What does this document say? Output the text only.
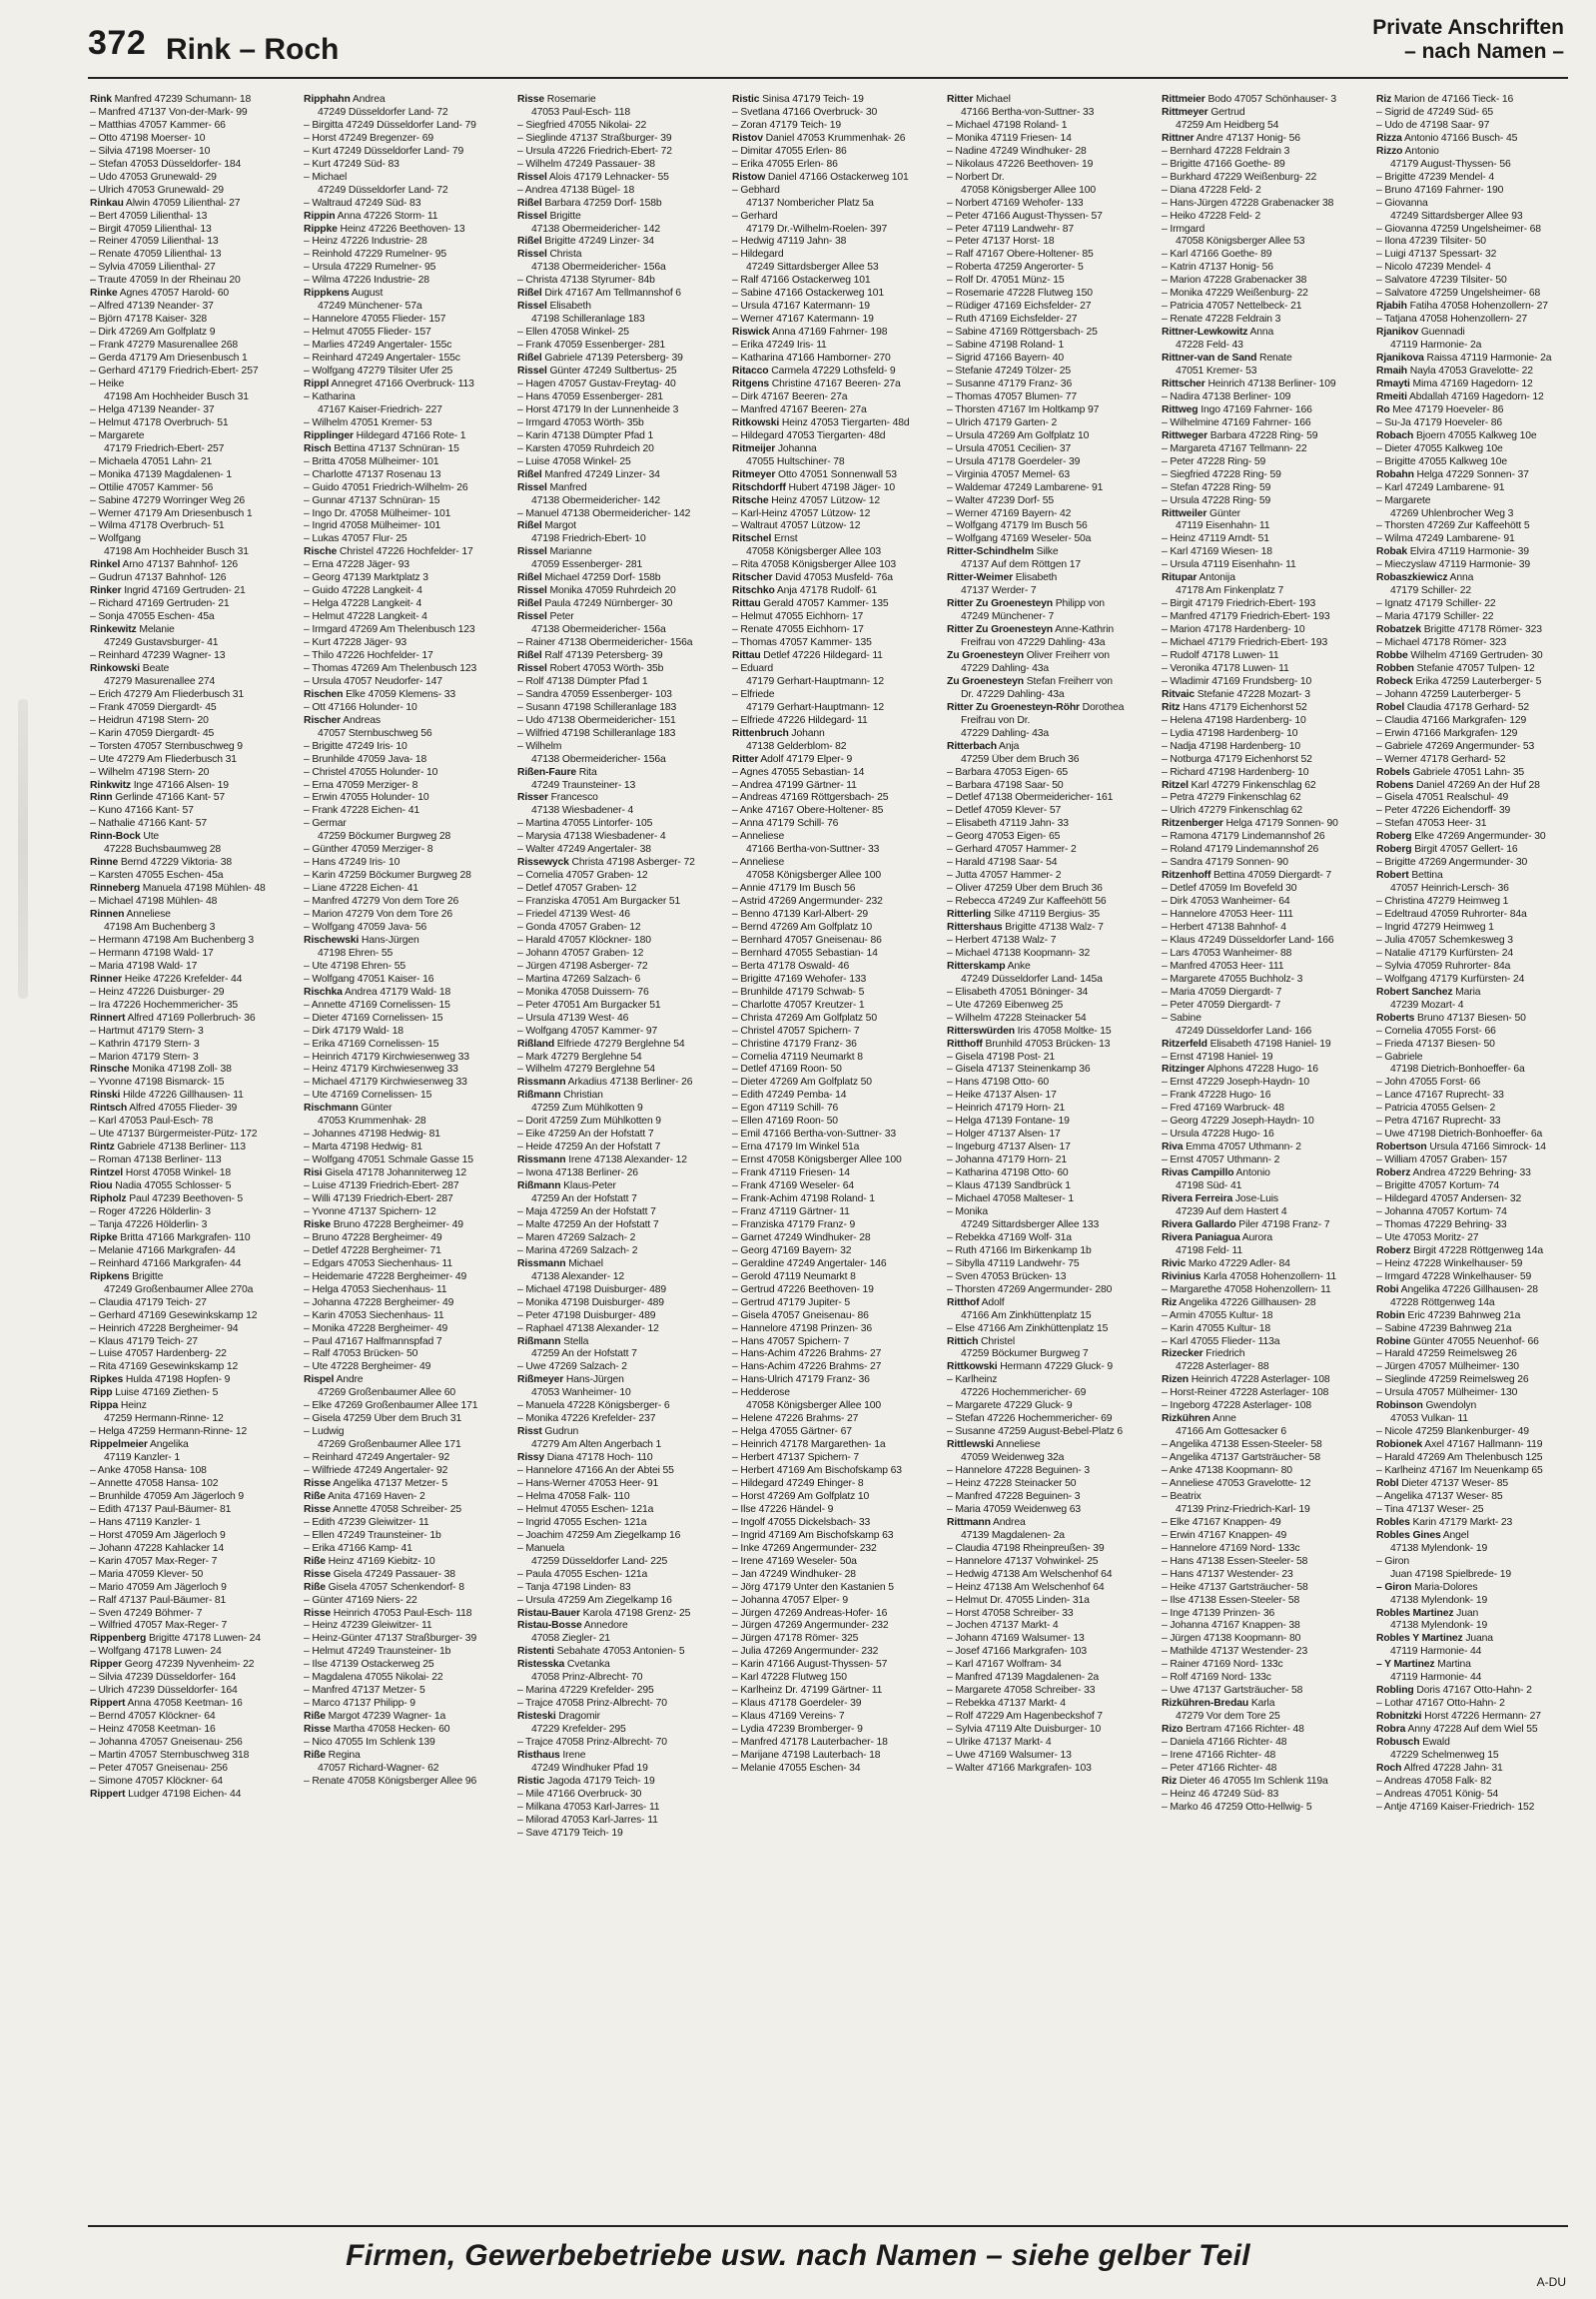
372 Rink – Roch
Private Anschriften
– nach Namen –
Rink Manfred 47239 Schumann- 18
– Manfred 47137 Von-der-Mark- 99
– Matthias 47057 Kammer- 66
– Otto 47198 Moerser- 10
– Silvia 47198 Moerser- 10
– Stefan 47053 Düsseldorfer- 184
– Udo 47053 Grunewald- 29
– Ulrich 47053 Grunewald- 29
Rinkau Alwin 47059 Lilienthal- 27
– Bert 47059 Lilienthal- 13
– Birgit 47059 Lilienthal- 13
– Reiner 47059 Lilienthal- 13
– Renate 47059 Lilienthal- 13
– Sylvia 47059 Lilienthal- 27
– Traute 47059 In der Rheinau 20
Rinke Agnes 47057 Harold- 60
– Alfred 47139 Neander- 37
– Björn 47178 Kaiser- 328
– Dirk 47269 Am Golfplatz 9
– Frank 47279 Masurenallee 268
– Gerda 47179 Am Driesenbusch 1
– Gerhard 47179 Friedrich-Ebert- 257
– Heike
47198 Am Hochheider Busch 31
– Helga 47139 Neander- 37
– Helmut 47178 Overbruch- 51
– Margarete
47179 Friedrich-Ebert- 257
– Michaela 47051 Lahn- 21
– Monika 47139 Magdalenen- 1
– Ottilie 47057 Kammer- 56
– Sabine 47279 Worringer Weg 26
– Werner 47179 Am Driesenbusch 1
– Wilma 47178 Overbruch- 51
– Wolfgang
47198 Am Hochheider Busch 31
Rinkel Arno 47137 Bahnhof- 126
– Gudrun 47137 Bahnhof- 126
Rinker Ingrid 47169 Gertruden- 21
– Richard 47169 Gertruden- 21
– Sonja 47055 Eschen- 45a
Rinkewitz Melanie
47249 Gustavsburger- 41
– Reinhard 47239 Wagner- 13
Rinkowski Beate
47279 Masurenallee 274
– Erich 47279 Am Fliederbusch 31
– Frank 47059 Diergardt- 45
– Heidrun 47198 Stern- 20
– Karin 47059 Diergardt- 45
– Torsten 47057 Sternbuschweg 9
– Ute 47279 Am Fliederbusch 31
– Wilhelm 47198 Stern- 20
Rinkwitz Inge 47166 Alsen- 19
Rinn Gerlinde 47166 Kant- 57
– Kuno 47166 Kant- 57
– Nathalie 47166 Kant- 57
Rinn-Bock Ute
47228 Buchsbaumweg 28
Rinne Bernd 47229 Viktoria- 38
– Karsten 47055 Eschen- 45a
Rinneberg Manuela 47198 Mühlen- 48
– Michael 47198 Mühlen- 48
Rinnen Anneliese
47198 Am Buchenberg 3
– Hermann 47198 Am Buchenberg 3
– Hermann 47198 Wald- 17
– Maria 47198 Wald- 17
Rinner Heike 47226 Krefelder- 44
– Heinz 47226 Duisburger- 29
– Ira 47226 Hochemmericher- 35
Rinnert Alfred 47169 Pollerbruch- 36
– Hartmut 47179 Stern- 3
– Kathrin 47179 Stern- 3
– Marion 47179 Stern- 3
Rinsche Monika 47198 Zoll- 38
– Yvonne 47198 Bismarck- 15
Rinski Hilde 47226 Gillhausen- 11
Rintsch Alfred 47055 Flieder- 39
– Karl 47053 Paul-Esch- 78
– Ute 47137 Bürgermeister-Pütz- 172
Rintz Gabriele 47138 Berliner- 113
– Roman 47138 Berliner- 113
Rintzel Horst 47058 Winkel- 18
Riou Nadia 47055 Schlosser- 5
Ripholz Paul 47239 Beethoven- 5
– Roger 47226 Hölderlin- 3
– Tanja 47226 Hölderlin- 3
Ripke Britta 47166 Markgrafen- 110
– Melanie 47166 Markgrafen- 44
– Reinhard 47166 Markgrafen- 44
Ripkens Brigitte
47249 Großenbaumer Allee 270a
– Claudia 47179 Teich- 27
– Gerhard 47169 Gesewinkskamp 12
– Heinrich 47228 Bergheimer- 94
– Klaus 47179 Teich- 27
– Luise 47057 Hardenberg- 22
– Rita 47169 Gesewinkskamp 12
Ripkes Hulda 47198 Hopfen- 9
Ripp Luise 47169 Ziethen- 5
Rippa Heinz
47259 Hermann-Rinne- 12
– Helga 47259 Hermann-Rinne- 12
Rippelmeier Angelika
47119 Kanzler- 1
– Anke 47058 Hansa- 108
– Annette 47058 Hansa- 102
– Brunhilde 47059 Am Jägerloch 9
– Edith 47137 Paul-Bäumer- 81
– Hans 47119 Kanzler- 1
– Horst 47059 Am Jägerloch 9
– Johann 47228 Kahlacker 14
– Karin 47057 Max-Reger- 7
– Maria 47059 Klever- 50
– Mario 47059 Am Jägerloch 9
– Ralf 47137 Paul-Bäumer- 81
– Sven 47249 Böhmer- 7
– Wilfried 47057 Max-Reger- 7
Rippenberg Brigitte 47178 Luwen- 24
– Wolfgang 47178 Luwen- 24
Ripper Georg 47239 Nyvenheim- 22
– Silvia 47239 Düsseldorfer- 164
– Ulrich 47239 Düsseldorfer- 164
Rippert Anna 47058 Keetman- 16
– Bernd 47057 Klöckner- 64
– Heinz 47058 Keetman- 16
– Johanna 47057 Gneisenau- 256
– Martin 47057 Sternbuschweg 318
– Peter 47057 Gneisenau- 256
– Simone 47057 Klöckner- 64
Rippert Ludger 47198 Eichen- 44
Ripphahn Andrea
47249 Düsseldorfer Land- 72
– Birgitta 47249 Düsseldorfer Land- 79
– Horst 47249 Bregenzer- 69
– Kurt 47249 Düsseldorfer Land- 79
– Kurt 47249 Süd- 83
– Michael
47249 Düsseldorfer Land- 72
– Waltraud 47249 Süd- 83
Rippin Anna 47226 Storm- 11
Rippke Heinz 47226 Beethoven- 13
– Heinz 47226 Industrie- 28
– Reinhold 47229 Rumelner- 95
– Ursula 47229 Rumelner- 95
– Wilma 47226 Industrie- 28
Rippkens August
47249 Münchener- 57a
– Hannelore 47055 Flieder- 157
– Helmut 47055 Flieder- 157
– Marlies 47249 Angertaler- 155c
– Reinhard 47249 Angertaler- 155c
– Wolfgang 47279 Tilsiter Ufer 25
Rippl Annegret 47166 Overbruck- 113
– Katharina
47167 Kaiser-Friedrich- 227
– Wilhelm 47051 Kremer- 53
Ripplinger Hildegard 47166 Rote- 1
Risch Bettina 47137 Schnüran- 15
– Britta 47058 Mülheimer- 101
– Charlotte 47137 Rosenau 13
– Guido 47051 Friedrich-Wilhelm- 26
– Gunnar 47137 Schnüran- 15
– Ingo Dr. 47058 Mülheimer- 101
– Ingrid 47058 Mülheimer- 101
– Lukas 47057 Flur- 25
Rische Christel 47226 Hochfelder- 17
– Erna 47228 Jäger- 93
– Georg 47139 Marktplatz 3
– Guido 47228 Langkeit- 4
– Helga 47228 Langkeit- 4
– Helmut 47228 Langkeit- 4
– Irmgard 47269 Am Thelenbusch 123
– Kurt 47228 Jäger- 93
– Thilo 47226 Hochfelder- 17
– Thomas 47269 Am Thelenbusch 123
– Ursula 47057 Neudorfer- 147
Rischen Elke 47059 Klemens- 33
– Ott 47166 Holunder- 10
Rischer Andreas
47057 Sternbuschweg 56
– Brigitte 47249 Iris- 10
– Brunhilde 47059 Java- 18
– Christel 47055 Holunder- 10
– Erna 47059 Merziger- 8
– Erwin 47055 Holunder- 10
– Frank 47228 Eichen- 41
– Germar
47259 Böckumer Burgweg 28
– Günther 47059 Merziger- 8
– Hans 47249 Iris- 10
– Karin 47259 Böckumer Burgweg 28
– Liane 47228 Eichen- 41
– Manfred 47279 Von dem Tore 26
– Marion 47279 Von dem Tore 26
– Wolfgang 47059 Java- 56
Rischewski Hans-Jürgen
47198 Ehren- 55
– Ute 47198 Ehren- 55
– Wolfgang 47051 Kaiser- 16
Rischka Andrea 47179 Wald- 18
– Annette 47169 Cornelissen- 15
– Dieter 47169 Cornelissen- 15
– Dirk 47179 Wald- 18
– Erika 47169 Cornelissen- 15
– Heinrich 47179 Kirchwiesenweg 33
– Heinz 47179 Kirchwiesenweg 33
– Michael 47179 Kirchwiesenweg 33
– Ute 47169 Cornelissen- 15
Rischmann Günter
47053 Krummenhak- 28
– Johannes 47198 Hedwig- 81
– Marta 47198 Hedwig- 81
– Wolfgang 47051 Schmale Gasse 15
Risi Gisela 47178 Johanniterweg 12
– Luise 47139 Friedrich-Ebert- 287
– Willi 47139 Friedrich-Ebert- 287
– Yvonne 47137 Spichern- 12
Riske Bruno 47228 Bergheimer- 49
– Bruno 47228 Bergheimer- 49
– Detlef 47228 Bergheimer- 71
– Edgars 47053 Siechenhaus- 11
– Heidemarie 47228 Bergheimer- 49
– Helga 47053 Siechenhaus- 11
– Johanna 47228 Bergheimer- 49
– Karin 47053 Siechenhaus- 11
– Monika 47228 Bergheimer- 49
– Paul 47167 Halfmannspfad 7
– Ralf 47053 Brücken- 50
– Ute 47228 Bergheimer- 49
Rispel Andre
47269 Großenbaumer Allee 60
– Elke 47269 Großenbaumer Allee 171
– Gisela 47259 Über dem Bruch 31
– Ludwig
47269 Großenbaumer Allee 171
– Reinhard 47249 Angertaler- 92
– Wilfriede 47249 Angertaler- 92
Risse Angelika 47137 Metzer- 5
Riße Anita 47169 Haven- 2
Risse Annette 47058 Schreiber- 25
– Edith 47239 Gleiwitzer- 11
– Ellen 47249 Traunsteiner- 1b
– Erika 47166 Kamp- 41
Riße Heinz 47169 Kiebitz- 10
Risse Gisela 47249 Passauer- 38
Riße Gisela 47057 Schenkendorf- 8
– Günter 47169 Niers- 22
Risse Heinrich 47053 Paul-Esch- 118
– Heinz 47239 Gleiwitzer- 11
– Heinz-Günter 47137 Straßburger- 39
– Helmut 47249 Traunsteiner- 1b
– Ilse 47139 Ostackerweg 25
– Magdalena 47055 Nikolai- 22
– Manfred 47137 Metzer- 5
– Marco 47137 Philipp- 9
Riße Margot 47239 Wagner- 1a
Risse Martha 47058 Hecken- 60
– Nico 47055 Im Schlenk 139
Riße Regina
47057 Richard-Wagner- 62
– Renate 47058 Königsberger Allee 96
Risse Rosemarie
47053 Paul-Esch- 118
– Siegfried 47055 Nikolai- 22
– Sieglinde 47137 Straßburger- 39
– Ursula 47226 Friedrich-Ebert- 72
– Wilhelm 47249 Passauer- 38
Rissel Alois 47179 Lehnacker- 55
– Andrea 47138 Bügel- 18
Rißel Barbara 47259 Dorf- 158b
Rissel Brigitte
47138 Obermeidericher- 142
Rißel Brigitte 47249 Linzer- 34
Rissel Christa
47138 Obermeidericher- 156a
– Christa 47138 Styrumer- 84b
Rißel Dirk 47167 Am Tellmannshof 6
Rissel Elisabeth
47198 Schilleranlage 183
– Ellen 47058 Winkel- 25
– Frank 47059 Essenberger- 281
Rißel Gabriele 47139 Petersberg- 39
Rissel Günter 47249 Sultbertus- 25
– Hagen 47057 Gustav-Freytag- 40
– Hans 47059 Essenberger- 281
– Horst 47179 In der Lunnenheide 3
– Irmgard 47053 Wörth- 35b
– Karin 47138 Dümpter Pfad 1
– Karsten 47059 Ruhrdeich 20
– Luise 47058 Winkel- 25
Rißel Manfred 47249 Linzer- 34
Rissel Manfred
47138 Obermeidericher- 142
– Manuel 47138 Obermeidericher- 142
Rißel Margot
47198 Friedrich-Ebert- 10
Rissel Marianne
47059 Essenberger- 281
Rißel Michael 47259 Dorf- 158b
Rissel Monika 47059 Ruhrdeich 20
Rißel Paula 47249 Nürnberger- 30
Rissel Peter
47138 Obermeidericher- 156a
– Rainer 47138 Obermeidericher- 156a
Rißel Ralf 47139 Petersberg- 39
Rissel Robert 47053 Wörth- 35b
– Rolf 47138 Dümpter Pfad 1
– Sandra 47059 Essenberger- 103
– Susann 47198 Schilleranlage 183
– Udo 47138 Obermeidericher- 151
– Wilfried 47198 Schilleranlage 183
– Wilhelm
47138 Obermeidericher- 156a
Rißen-Faure Rita
47249 Traunsteiner- 13
Risser Francesco
47138 Wiesbadener- 4
– Martina 47055 Lintorfer- 105
– Marysia 47138 Wiesbadener- 4
– Walter 47249 Angertaler- 38
Rissewyck Christa 47198 Asberger- 72
– Cornelia 47057 Graben- 12
– Detlef 47057 Graben- 12
– Franziska 47051 Am Burgacker 51
– Friedel 47139 West- 46
– Gonda 47057 Graben- 12
– Harald 47057 Klöckner- 180
– Johann 47057 Graben- 12
– Jürgen 47198 Asberger- 72
– Martina 47269 Salzach- 6
– Monika 47058 Duissern- 76
– Peter 47051 Am Burgacker 51
– Ursula 47139 West- 46
– Wolfgang 47057 Kammer- 97
Rißland Elfriede 47279 Berglehne 54
– Mark 47279 Berglehne 54
– Wilhelm 47279 Berglehne 54
Rissmann Arkadius 47138 Berliner- 26
Rißmann Christian
47259 Zum Mühlkotten 9
– Dorit 47259 Zum Mühlkotten 9
– Eike 47259 An der Hofstatt 7
– Heide 47259 An der Hofstatt 7
Rissmann Irene 47138 Alexander- 12
– Iwona 47138 Berliner- 26
Rißmann Klaus-Peter
47259 An der Hofstatt 7
– Maja 47259 An der Hofstatt 7
– Malte 47259 An der Hofstatt 7
– Maren 47269 Salzach- 2
– Marina 47269 Salzach- 2
Rissmann Michael
47138 Alexander- 12
– Michael 47198 Duisburger- 489
– Monika 47198 Duisburger- 489
– Peter 47198 Duisburger- 489
– Raphael 47138 Alexander- 12
Rißmann Stella
47259 An der Hofstatt 7
– Uwe 47269 Salzach- 2
Rißmeyer Hans-Jürgen
47053 Wanheimer- 10
– Manuela 47228 Königsberger- 6
– Monika 47226 Krefelder- 237
Risst Gudrun
47279 Am Alten Angerbach 1
Rissy Diana 47178 Hoch- 110
– Hannelore 47166 An der Abtei 55
– Hans-Werner 47053 Heer- 91
– Helma 47058 Falk- 110
– Helmut 47055 Eschen- 121a
– Ingrid 47055 Eschen- 121a
– Joachim 47259 Am Ziegelkamp 16
– Manuela
47259 Düsseldorfer Land- 225
– Paula 47055 Eschen- 121a
– Tanja 47198 Linden- 83
– Ursula 47259 Am Ziegelkamp 16
Ristau-Bauer Karola 47198 Grenz- 25
Ristau-Bosse Annedore
47058 Ziegler- 21
Ristenti Sebahate 47053 Antonien- 5
Ristesska Cvetanka
47058 Prinz-Albrecht- 70
– Marina 47229 Krefelder- 295
– Trajce 47058 Prinz-Albrecht- 70
Risteski Dragomir
47229 Krefelder- 295
– Trajce 47058 Prinz-Albrecht- 70
Risthaus Irene
47249 Windhuker Pfad 19
Ristic Jagoda 47179 Teich- 19
– Mile 47166 Overbruck- 30
– Milkana 47053 Karl-Jarres- 11
– Milorad 47053 Karl-Jarres- 11
– Save 47179 Teich- 19
Ristic Sinisa 47179 Teich- 19
– Svetlana 47166 Overbruck- 30
– Zoran 47179 Teich- 19
Ristov Daniel 47053 Krummenhak- 26
– Dimitar 47055 Erlen- 86
– Erika 47055 Erlen- 86
Ristow Daniel 47166 Ostackerweg 101
– Gebhard
47137 Nombericher Platz 5a
– Gerhard
47179 Dr.-Wilhelm-Roelen- 397
– Hedwig 47119 Jahn- 38
– Hildegard
47249 Sittardsberger Allee 53
– Ralf 47166 Ostackerweg 101
– Sabine 47166 Ostackerweg 101
– Ursula 47167 Katermann- 19
– Werner 47167 Katermann- 19
Riswick Anna 47169 Fahrner- 198
– Erika 47249 Iris- 11
– Katharina 47166 Hamborner- 270
Ritacco Carmela 47229 Lothsfeld- 9
Ritgens Christine 47167 Beeren- 27a
– Dirk 47167 Beeren- 27a
– Manfred 47167 Beeren- 27a
Ritkowski Heinz 47053 Tiergarten- 48d
– Hildegard 47053 Tiergarten- 48d
Ritmeijer Johanna
47055 Hultschiner- 78
Ritmeyer Otto 47051 Sonnenwall 53
Ritschdorff Hubert 47198 Jäger- 10
Ritsche Heinz 47057 Lützow- 12
– Karl-Heinz 47057 Lützow- 12
– Waltraut 47057 Lützow- 12
Ritschel Ernst
47058 Königsberger Allee 103
– Rita 47058 Königsberger Allee 103
Ritscher David 47053 Musfeld- 76a
Ritschko Anja 47178 Rudolf- 61
Rittau Gerald 47057 Kammer- 135
– Helmut 47055 Eichhorn- 17
– Renate 47055 Eichhorn- 17
– Thomas 47057 Kammer- 135
Rittau Detlef 47226 Hildegard- 11
– Eduard
47179 Gerhart-Hauptmann- 12
– Elfriede
47179 Gerhart-Hauptmann- 12
– Elfriede 47226 Hildegard- 11
Rittenbruch Johann
47138 Gelderblom- 82
Ritter Adolf 47179 Elper- 9
– Agnes 47055 Sebastian- 14
– Andrea 47199 Gärtner- 11
– Andreas 47169 Röttgersbach- 25
– Anke 47167 Obere-Holtener- 85
– Anna 47179 Schill- 76
– Anneliese
47166 Bertha-von-Suttner- 33
– Anneliese
47058 Königsberger Allee 100
– Annie 47179 Im Busch 56
– Astrid 47269 Angermunder- 232
– Benno 47139 Karl-Albert- 29
– Bernd 47269 Am Golfplatz 10
– Bernhard 47057 Gneisenau- 86
– Bernhard 47055 Sebastian- 14
– Berta 47178 Oswald- 46
– Brigitte 47169 Wehofer- 133
– Brunhilde 47179 Schwab- 5
– Charlotte 47057 Kreutzer- 1
– Christa 47269 Am Golfplatz 50
– Christel 47057 Spichern- 7
– Christine 47179 Franz- 36
– Cornelia 47119 Neumarkt 8
– Detlef 47169 Roon- 50
– Dieter 47269 Am Golfplatz 50
– Edith 47249 Pemba- 14
– Egon 47119 Schill- 76
– Ellen 47169 Roon- 50
– Emil 47166 Bertha-von-Suttner- 33
– Erna 47179 Im Winkel 51a
– Ernst 47058 Königsberger Allee 100
– Frank 47119 Friesen- 14
– Frank 47169 Weseler- 64
– Frank-Achim 47198 Roland- 1
– Franz 47119 Gärtner- 11
– Franziska 47179 Franz- 9
– Garnet 47249 Windhuker- 28
– Georg 47169 Bayern- 32
– Geraldine 47249 Angertaler- 146
– Gerold 47119 Neumarkt 8
– Gertrud 47226 Beethoven- 19
– Gertrud 47179 Jupiter- 5
– Gisela 47057 Gneisenau- 86
– Hannelore 47198 Prinzen- 36
– Hans 47057 Spichern- 7
– Hans-Achim 47226 Brahms- 27
– Hans-Achim 47226 Brahms- 27
– Hans-Ulrich 47179 Franz- 36
– Hedderose
47058 Königsberger Allee 100
– Helene 47226 Brahms- 27
– Helga 47055 Gärtner- 67
– Heinrich 47178 Margarethen- 1a
– Herbert 47137 Spichern- 7
– Herbert 47169 Am Bischofskamp 63
– Hildegard 47249 Ehinger- 8
– Horst 47269 Am Golfplatz 10
– Ilse 47226 Händel- 9
– Ingolf 47055 Dickelsbach- 33
– Ingrid 47169 Am Bischofskamp 63
– Inke 47269 Angermunder- 232
– Irene 47169 Weseler- 50a
– Jan 47249 Windhuker- 28
– Jörg 47179 Unter den Kastanien 5
– Johanna 47057 Elper- 9
– Jürgen 47269 Andreas-Hofer- 16
– Jürgen 47269 Angermunder- 232
– Jürgen 47178 Römer- 325
– Julia 47269 Angermunder- 232
– Karin 47166 August-Thyssen- 57
– Karl 47228 Flutweg 150
– Karlheinz Dr. 47199 Gärtner- 11
– Klaus 47178 Goerdeler- 39
– Klaus 47169 Vereins- 7
– Lydia 47239 Bromberger- 9
– Manfred 47178 Lauterbacher- 18
– Marijane 47198 Lauterbach- 18
– Melanie 47055 Eschen- 34
Ritter Michael
47166 Bertha-von-Suttner- 33
– Michael 47198 Roland- 1
– Monika 47119 Friesen- 14
– Nadine 47249 Windhuker- 28
– Nikolaus 47226 Beethoven- 19
– Norbert Dr.
47058 Königsberger Allee 100
– Norbert 47169 Wehofer- 133
– Peter 47166 August-Thyssen- 57
– Peter 47119 Landwehr- 87
– Peter 47137 Horst- 18
– Ralf 47167 Obere-Holtener- 85
– Roberta 47259 Angerorter- 5
– Rolf Dr. 47051 Münz- 15
– Rosemarie 47228 Flutweg 150
– Rüdiger 47169 Eichsfelder- 27
– Ruth 47169 Eichsfelder- 27
– Sabine 47169 Röttgersbach- 25
– Sabine 47198 Roland- 1
– Sigrid 47166 Bayern- 40
– Stefanie 47249 Tölzer- 25
– Susanne 47179 Franz- 36
– Thomas 47057 Blumen- 77
– Thorsten 47167 Im Holtkamp 97
– Ulrich 47179 Garten- 2
– Ursula 47269 Am Golfplatz 10
– Ursula 47051 Cecilien- 37
– Ursula 47178 Goerdeler- 39
– Virginia 47057 Memel- 63
– Waldemar 47249 Lambarene- 91
– Walter 47239 Dorf- 55
– Werner 47169 Bayern- 42
– Wolfgang 47179 Im Busch 56
– Wolfgang 47169 Weseler- 50a
Ritter-Schindhelm Silke
47137 Auf dem Röttgen 17
Ritter-Weimer Elisabeth
47137 Werder- 7
Ritter Zu Groenesteyn Philipp von
47249 Münchener- 7
Ritter Zu Groenesteyn Anne-Kathrin
Freifrau von 47229 Dahling- 43a
Zu Groenesteyn Oliver Freiherr von
47229 Dahling- 43a
Zu Groenesteyn Stefan Freiherr von
Dr. 47229 Dahling- 43a
Ritter Zu Groenesteyn-Röhr Dorothea
Freifrau von Dr.
47229 Dahling- 43a
Ritterbach Anja
47259 Über dem Bruch 36
– Barbara 47053 Eigen- 65
– Barbara 47198 Saar- 50
– Detlef 47138 Obermeidericher- 161
– Detlef 47059 Klever- 57
– Elisabeth 47119 Jahn- 33
– Georg 47053 Eigen- 65
– Gerhard 47057 Hammer- 2
– Harald 47198 Saar- 54
– Jutta 47057 Hammer- 2
– Oliver 47259 Über dem Bruch 36
– Rebecca 47249 Zur Kaffeehött 56
Ritterling Silke 47119 Bergius- 35
Rittershaus Brigitte 47138 Walz- 7
– Herbert 47138 Walz- 7
– Michael 47138 Koopmann- 32
Ritterskamp Anke
47249 Düsseldorfer Land- 145a
– Elisabeth 47051 Böninger- 34
– Ute 47269 Eibenweg 25
– Wilhelm 47228 Steinacker 54
Ritterswürden Iris 47058 Moltke- 15
Ritthoff Brunhild 47053 Brücken- 13
– Gisela 47198 Post- 21
– Gisela 47137 Steinenkamp 36
– Hans 47198 Otto- 60
– Heike 47137 Alsen- 17
– Heinrich 47179 Horn- 21
– Helga 47139 Fontane- 19
– Holger 47137 Alsen- 17
– Ingeburg 47137 Alsen- 17
– Johanna 47179 Horn- 21
– Katharina 47198 Otto- 60
– Klaus 47139 Sandbrück 1
– Michael 47058 Malteser- 1
– Monika
47249 Sittardsberger Allee 133
– Rebekka 47169 Wolf- 31a
– Ruth 47166 Im Birkenkamp 1b
– Sibylla 47119 Landwehr- 75
– Sven 47053 Brücken- 13
– Thorsten 47269 Angermunder- 280
Ritthof Adolf
47166 Am Zinkhüttenplatz 15
– Else 47166 Am Zinkhüttenplatz 15
Rittich Christel
47259 Böckumer Burgweg 7
Rittkowski Hermann 47229 Gluck- 9
– Karlheinz
47226 Hochemmericher- 69
– Margarete 47229 Gluck- 9
– Stefan 47226 Hochemmericher- 69
– Susanne 47259 August-Bebel-Platz 6
Rittlewski Anneliese
47059 Weidenweg 32a
– Hannelore 47228 Beguinen- 3
– Heinz 47228 Steinacker 50
– Manfred 47228 Beguinen- 3
– Maria 47059 Weidenweg 63
Rittmann Andrea
47139 Magdalenen- 2a
– Claudia 47198 Rheinpreußen- 39
– Hannelore 47137 Vohwinkel- 25
– Hedwig 47138 Am Welschenhof 64
– Heinz 47138 Am Welschenhof 64
– Helmut Dr. 47055 Linden- 31a
– Horst 47058 Schreiber- 33
– Jochen 47137 Markt- 4
– Johann 47169 Walsumer- 13
– Josef 47166 Markgrafen- 103
– Karl 47167 Wolfram- 34
– Manfred 47139 Magdalenen- 2a
– Margarete 47058 Schreiber- 33
– Rebekka 47137 Markt- 4
– Rolf 47229 Am Hagenbeckshof 7
– Sylvia 47119 Alte Duisburger- 10
– Ulrike 47137 Markt- 4
– Uwe 47169 Walsumer- 13
– Walter 47166 Markgrafen- 103
Rittmeier Bodo 47057 Schönhauser- 3
Rittmeyer Gertrud
47259 Am Heidberg 54
Rittner Andre 47137 Honig- 56
– Bernhard 47228 Feldrain 3
– Brigitte 47166 Goethe- 89
– Burkhard 47229 Weißenburg- 22
– Diana 47228 Feld- 2
– Hans-Jürgen 47228 Grabenacker 38
– Heiko 47228 Feld- 2
– Irmgard
47058 Königsberger Allee 53
– Karl 47166 Goethe- 89
– Katrin 47137 Honig- 56
– Marion 47228 Grabenacker 38
– Monika 47229 Weißenburg- 22
– Patricia 47057 Nettelbeck- 21
– Renate 47228 Feldrain 3
Rittner-Lewkowitz Anna
47228 Feld- 43
Rittner-van de Sand Renate
47051 Kremer- 53
Rittscher Heinrich 47138 Berliner- 109
– Nadira 47138 Berliner- 109
Rittweg Ingo 47169 Fahrner- 166
– Wilhelmine 47169 Fahrner- 166
Rittweger Barbara 47228 Ring- 59
– Margareta 47167 Tellmann- 22
– Peter 47228 Ring- 59
– Siegfried 47228 Ring- 59
– Stefan 47228 Ring- 59
– Ursula 47228 Ring- 59
Rittweiler Günter
47119 Eisenhahn- 11
– Heinz 47119 Arndt- 51
– Karl 47169 Wiesen- 18
– Ursula 47119 Eisenhahn- 11
Ritupar Antonija
47178 Am Finkenplatz 7
– Birgit 47179 Friedrich-Ebert- 193
– Manfred 47179 Friedrich-Ebert- 193
– Marion 47178 Hardenberg- 10
– Michael 47179 Friedrich-Ebert- 193
– Rudolf 47178 Luwen- 11
– Veronika 47178 Luwen- 11
– Wladimir 47169 Frundsberg- 10
Ritvaic Stefanie 47228 Mozart- 3
Ritz Hans 47179 Eichenhorst 52
– Helena 47198 Hardenberg- 10
– Lydia 47198 Hardenberg- 10
– Nadja 47198 Hardenberg- 10
– Notburga 47179 Eichenhorst 52
– Richard 47198 Hardenberg- 10
Ritzel Karl 47279 Finkenschlag 62
– Petra 47279 Finkenschlag 62
– Ulrich 47279 Finkenschlag 62
Ritzenberger Helga 47179 Sonnen- 90
– Ramona 47179 Lindemannshof 26
– Roland 47179 Lindemannshof 26
– Sandra 47179 Sonnen- 90
Ritzenhoff Bettina 47059 Diergardt- 7
– Detlef 47059 Im Bovefeld 30
– Dirk 47053 Wanheimer- 64
– Hannelore 47053 Heer- 111
– Herbert 47138 Bahnhof- 4
– Klaus 47249 Düsseldorfer Land- 166
– Lars 47053 Wanheimer- 88
– Manfred 47053 Heer- 111
– Margarete 47055 Buchholz- 3
– Maria 47059 Diergardt- 7
– Peter 47059 Diergardt- 7
– Sabine
47249 Düsseldorfer Land- 166
Ritzerfeld Elisabeth 47198 Haniel- 19
– Ernst 47198 Haniel- 19
Ritzinger Alphons 47228 Hugo- 16
– Ernst 47229 Joseph-Haydn- 10
– Frank 47228 Hugo- 16
– Fred 47169 Warbruck- 48
– Georg 47229 Joseph-Haydn- 10
– Ursula 47228 Hugo- 16
Riva Emma 47057 Uthmann- 2
– Ernst 47057 Uthmann- 2
Rivas Campillo Antonio
47198 Süd- 41
Rivera Ferreira Jose-Luis
47239 Auf dem Hastert 4
Rivera Gallardo Piler 47198 Franz- 7
Rivera Paniagua Aurora
47198 Feld- 11
Rivic Marko 47229 Adler- 84
Rivinius Karla 47058 Hohenzollern- 11
– Margarethe 47058 Hohenzollern- 11
Riz Angelika 47226 Gillhausen- 28
– Armin 47055 Kultur- 18
– Karin 47055 Kultur- 18
– Karl 47055 Flieder- 113a
Rizecker Friedrich
47228 Asterlager- 88
Rizen Heinrich 47228 Asterlager- 108
– Horst-Reiner 47228 Asterlager- 108
– Ingeborg 47228 Asterlager- 108
Rizkühren Anne
47166 Am Gottesacker 6
– Angelika 47138 Essen-Steeler- 58
– Angelika 47137 Gartsträucher- 58
– Anke 47138 Koopmann- 80
– Anneliese 47053 Gravelotte- 12
– Beatrix
47139 Prinz-Friedrich-Karl- 19
– Elke 47167 Knappen- 49
– Erwin 47167 Knappen- 49
– Hannelore 47169 Nord- 133c
– Hans 47138 Essen-Steeler- 58
– Hans 47137 Westender- 23
– Heike 47137 Gartsträucher- 58
– Ilse 47138 Essen-Steeler- 58
– Inge 47139 Prinzen- 36
– Johanna 47167 Knappen- 38
– Jürgen 47138 Koopmann- 80
– Mathilde 47137 Westender- 23
– Rainer 47169 Nord- 133c
– Rolf 47169 Nord- 133c
– Uwe 47137 Gartsträucher- 58
Rizkühren-Bredau Karla
47279 Vor dem Tore 25
Rizo Bertram 47166 Richter- 48
– Daniela 47166 Richter- 48
– Irene 47166 Richter- 48
– Peter 47166 Richter- 48
Riz Dieter 46 47055 Im Schlenk 119a
– Heinz 46 47249 Süd- 83
– Marko 46 47259 Otto-Hellwig- 5
Riz Marion de 47166 Tieck- 16
– Sigrid de 47249 Süd- 65
– Udo de 47198 Saar- 97
Rizza Antonio 47166 Busch- 45
Rizzo Antonio
47179 August-Thyssen- 56
– Brigitte 47239 Mendel- 4
– Bruno 47169 Fahrner- 190
– Giovanna
47249 Sittardsberger Allee 93
– Giovanna 47259 Ungelsheimer- 68
– Ilona 47239 Tilsiter- 50
– Luigi 47137 Spessart- 32
– Nicolo 47239 Mendel- 4
– Salvatore 47239 Tilsiter- 50
– Salvatore 47259 Ungelsheimer- 68
Rjabih Fatiha 47058 Hohenzollern- 27
– Tatjana 47058 Hohenzollern- 27
Rjanikov Guennadi
47119 Harmonie- 2a
Rjanikova Raissa 47119 Harmonie- 2a
Rmaih Nayla 47053 Gravelotte- 22
Rmayti Mima 47169 Hagedorn- 12
Rmeiti Abdallah 47169 Hagedorn- 12
Ro Mee 47179 Hoeveler- 86
– Su-Ja 47179 Hoeveler- 86
Robach Bjoern 47055 Kalkweg 10e
– Dieter 47055 Kalkweg 10e
– Brigitte 47055 Kalkweg 10e
Robahn Helga 47229 Sonnen- 37
– Karl 47249 Lambarene- 91
– Margarete
47269 Uhlenbrocher Weg 3
– Thorsten 47269 Zur Kaffeehött 5
– Wilma 47249 Lambarene- 91
Robak Elvira 47119 Harmonie- 39
– Mieczyslaw 47119 Harmonie- 39
Robaszkiewicz Anna
47179 Schiller- 22
– Ignatz 47179 Schiller- 22
– Maria 47179 Schiller- 22
Robatzek Brigitte 47178 Römer- 323
– Michael 47178 Römer- 323
Robbe Wilhelm 47169 Gertruden- 30
Robben Stefanie 47057 Tulpen- 12
Robeck Erika 47259 Lauterberger- 5
– Johann 47259 Lauterberger- 5
Robel Claudia 47178 Gerhard- 52
– Claudia 47166 Markgrafen- 129
– Erwin 47166 Markgrafen- 129
– Gabriele 47269 Angermunder- 53
– Werner 47178 Gerhard- 52
Robels Gabriele 47051 Lahn- 35
Robens Daniel 47269 An der Huf 28
– Gisela 47051 Realschul- 49
– Peter 47226 Eichendorff- 39
– Stefan 47053 Heer- 31
Roberg Elke 47269 Angermunder- 30
Roberg Birgit 47057 Gellert- 16
– Brigitte 47269 Angermunder- 30
Robert Bettina
47057 Heinrich-Lersch- 36
– Christina 47279 Heimweg 1
– Edeltraud 47059 Ruhrorter- 84a
– Ingrid 47279 Heimweg 1
– Julia 47057 Schemkesweg 3
– Natalie 47179 Kurfürsten- 24
– Sylvia 47059 Ruhrorter- 84a
– Wolfgang 47179 Kurfürsten- 24
Robert Sanchez Maria
47239 Mozart- 4
Roberts Bruno 47137 Biesen- 50
– Cornelia 47055 Forst- 66
– Frieda 47137 Biesen- 50
– Gabriele
47198 Dietrich-Bonhoeffer- 6a
– John 47055 Forst- 66
– Lance 47167 Ruprecht- 33
– Patricia 47055 Gelsen- 2
– Petra 47167 Ruprecht- 33
– Uwe 47198 Dietrich-Bonhoeffer- 6a
Robertson Ursula 47166 Simrock- 14
– William 47057 Graben- 157
Roberz Andrea 47229 Behring- 33
– Brigitte 47057 Kortum- 74
– Hildegard 47057 Andersen- 32
– Johanna 47057 Kortum- 74
– Thomas 47229 Behring- 33
– Ute 47053 Moritz- 27
Roberz Birgit 47228 Röttgenweg 14a
– Heinz 47228 Winkelhauser- 59
– Irmgard 47228 Winkelhauser- 59
Robi Angelika 47226 Gillhausen- 28
47228 Röttgenweg 14a
Robin Eric 47239 Bahnweg 21a
– Sabine 47239 Bahnweg 21a
Robine Günter 47055 Neuenhof- 66
– Harald 47259 Reimelsweg 26
– Jürgen 47057 Mülheimer- 130
– Sieglinde 47259 Reimelsweg 26
– Ursula 47057 Mülheimer- 130
Robinson Gwendolyn
47053 Vulkan- 11
– Nicole 47259 Blankenburger- 49
Robionek Axel 47167 Hallmann- 119
– Harald 47269 Am Thelenbusch 125
– Karlheinz 47167 Im Neuenkamp 65
Robl Dieter 47137 Weser- 85
– Angelika 47137 Weser- 85
– Tina 47137 Weser- 25
Robles Karin 47179 Markt- 23
Robles Gines Angel
47138 Mylendonk- 19
– Giron
Juan 47198 Spielbrede- 19
– Giron Maria-Dolores
47138 Mylendonk- 19
Robles Martinez Juan
47138 Mylendonk- 19
Robles Y Martinez Juana
47119 Harmonie- 44
– Y Martinez Martina
47119 Harmonie- 44
Robling Doris 47167 Otto-Hahn- 2
– Lothar 47167 Otto-Hahn- 2
Robnitzki Horst 47226 Hermann- 27
Robra Anny 47228 Auf dem Wiel 55
Robusch Ewald
47229 Schelmenweg 15
Roch Alfred 47228 Jahn- 31
– Andreas 47058 Falk- 82
– Andreas 47051 König- 54
– Antje 47169 Kaiser-Friedrich- 152
Firmen, Gewerbebetriebe usw. nach Namen – siehe gelber Teil
A-DU
